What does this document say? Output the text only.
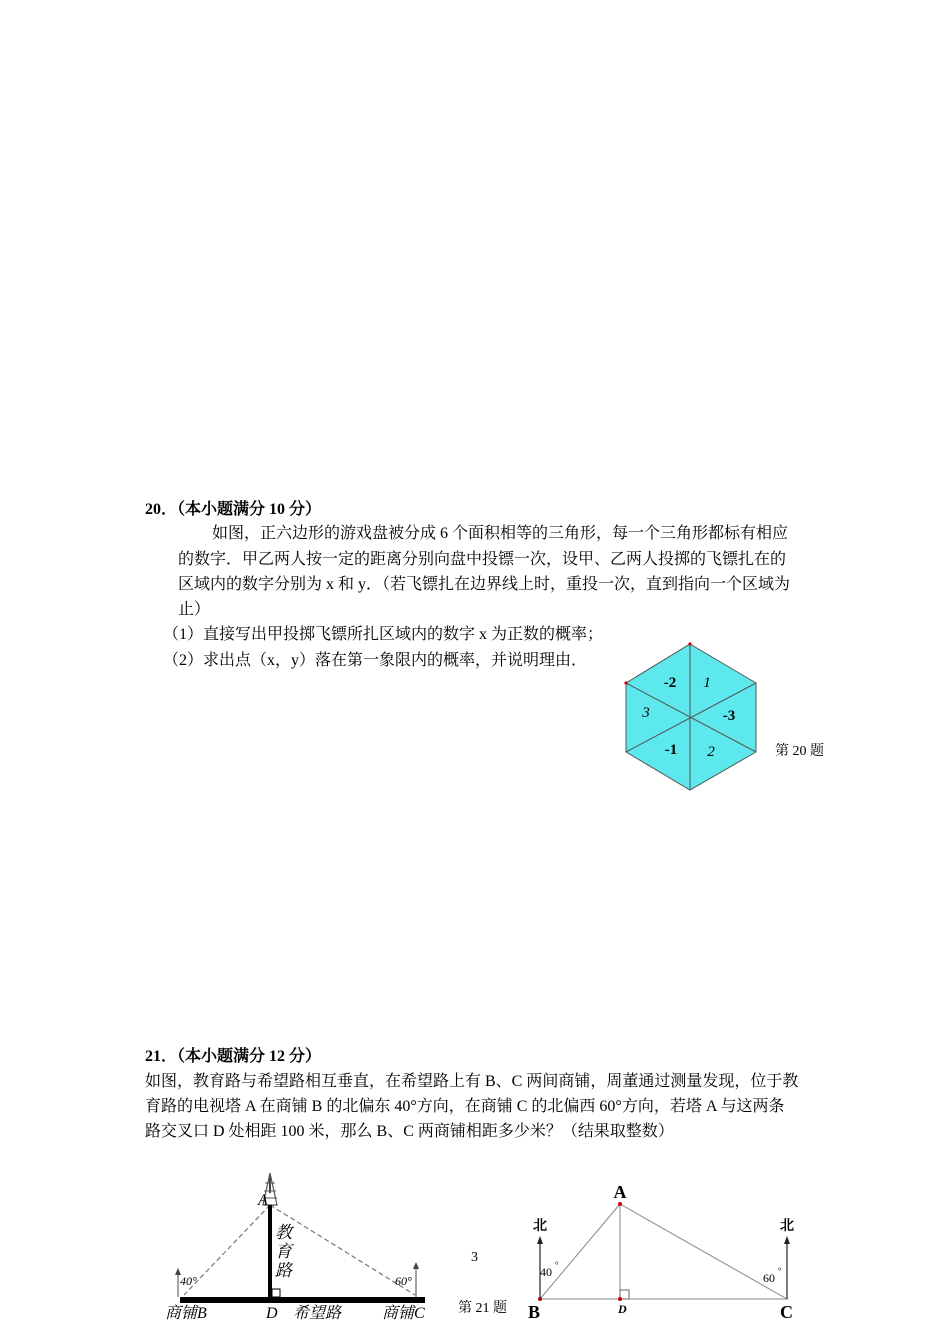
20．（本小题满分 10 分）
如图，正六边形的游戏盘被分成 6 个面积相等的三角形，每一个三角形都标有相应
的数字．甲乙两人按一定的距离分别向盘中投镖一次，设甲、乙两人投掷的飞镖扎在的
区域内的数字分别为 x 和 y．（若飞镖扎在边界线上时，重投一次，直到指向一个区域为
止）
（1）直接写出甲投掷飞镖所扎区域内的数字 x 为正数的概率；
（2）求出点（x，y）落在第一象限内的概率，并说明理由．
-2 1
3	-3
-1 2	第 20 题
21．（本小题满分 12 分）
如图，教育路与希望路相互垂直，在希望路上有 B、C 两间商铺，周董通过测量发现，位于教
育路的电视塔 A 在商铺 B 的北偏东 40°方向，在商铺 C 的北偏西 60°方向，若塔 A 与这两条
路交叉口 D 处相距 100 米，那么 B、C 两商铺相距多少米？（结果取整数）
A
教
育
路
40°	60°
商铺B	D 希望路	商铺C
3
第 21 题
A
B	C
D
北	北
40 °
60 °
